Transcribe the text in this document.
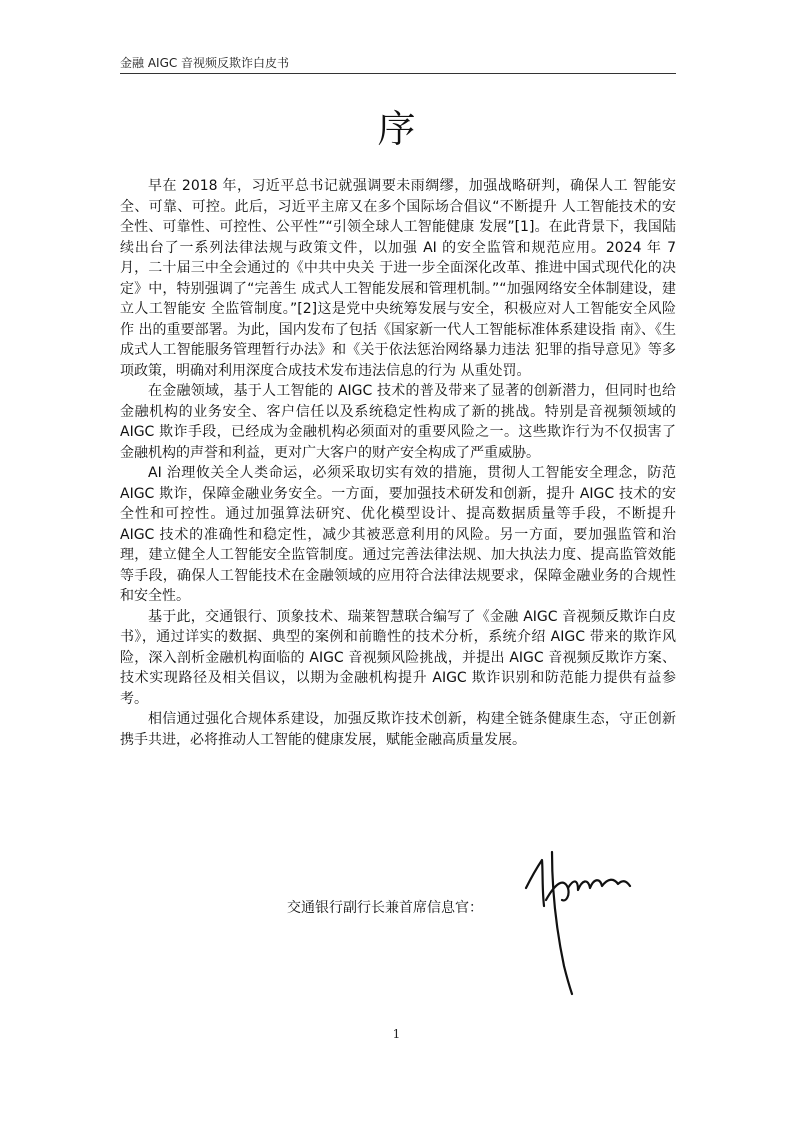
金融 AIGC 音视频反欺诈白皮书
序

早在 2018 年，习近平总书记就强调要未雨绸缪，加强战略研判，确保人工 智能安全、可靠、可控。此后，习近平主席又在多个国际场合倡议“不断提升 人工智能技术的安全性、可靠性、可控性、公平性”“引领全球人工智能健康 发展”[1]。在此背景下，我国陆续出台了一系列法律法规与政策文件，以加强 AI 的安全监管和规范应用。2024 年 7 月，二十届三中全会通过的《中共中央关 于进一步全面深化改革、推进中国式现代化的决定》中，特别强调了“完善生 成式人工智能发展和管理机制。”“加强网络安全体制建设，建立人工智能安 全监管制度。”[2]这是党中央统筹发展与安全，积极应对人工智能安全风险作 出的重要部署。为此，国内发布了包括《国家新一代人工智能标准体系建设指 南》、《生成式人工智能服务管理暂行办法》和《关于依法惩治网络暴力违法 犯罪的指导意见》等多项政策，明确对利用深度合成技术发布违法信息的行为 从重处罚。

在金融领域，基于人工智能的 AIGC 技术的普及带来了显著的创新潜力，但同时也给金融机构的业务安全、客户信任以及系统稳定性构成了新的挑战。特别是音视频领域的 AIGC 欺诈手段，已经成为金融机构必须面对的重要风险之一。这些欺诈行为不仅损害了金融机构的声誉和利益，更对广大客户的财产安全构成了严重威胁。

AI 治理攸关全人类命运，必须采取切实有效的措施，贯彻人工智能安全理念，防范 AIGC 欺诈，保障金融业务安全。一方面，要加强技术研发和创新，提升 AIGC 技术的安全性和可控性。通过加强算法研究、优化模型设计、提高数据质量等手段，不断提升 AIGC 技术的准确性和稳定性，减少其被恶意利用的风险。另一方面，要加强监管和治理，建立健全人工智能安全监管制度。通过完善法律法规、加大执法力度、提高监管效能等手段，确保人工智能技术在金融领域的应用符合法律法规要求，保障金融业务的合规性和安全性。

基于此，交通银行、顶象技术、瑞莱智慧联合编写了《金融 AIGC 音视频反欺诈白皮书》，通过详实的数据、典型的案例和前瞻性的技术分析，系统介绍 AIGC 带来的欺诈风险，深入剖析金融机构面临的 AIGC 音视频风险挑战，并提出 AIGC 音视频反欺诈方案、技术实现路径及相关倡议，以期为金融机构提升 AIGC 欺诈识别和防范能力提供有益参考。

相信通过强化合规体系建设，加强反欺诈技术创新，构建全链条健康生态，守正创新携手共进，必将推动人工智能的健康发展，赋能金融高质量发展。

交通银行副行长兼首席信息官：
1
